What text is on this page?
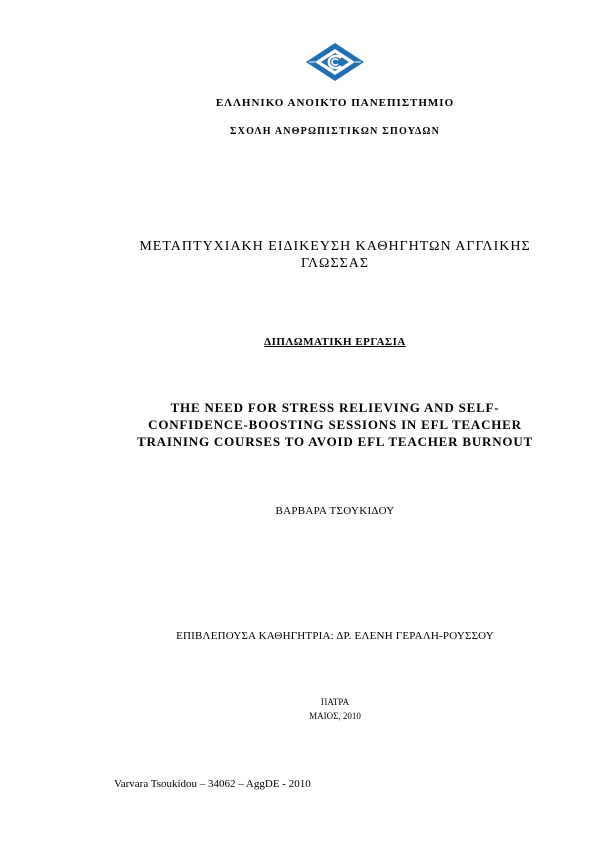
ΕΛΛΗΝΙΚΟ ΑΝΟΙΚΤΟ ΠΑΝΕΠΙΣΤΗΜΙΟ
ΣΧΟΛΗ ΑΝΘΡΩΠΙΣΤΙΚΩΝ ΣΠΟΥΔΩΝ
ΜΕΤΑΠΤΥΧΙΑΚΗ ΕΙΔΙΚΕΥΣΗ ΚΑΘΗΓΗΤΩΝ ΑΓΓΛΙΚΗΣ
ΓΛΩΣΣΑΣ
ΔΙΠΛΩΜΑΤΙΚΗ ΕΡΓΑΣΙΑ
THE NEED FOR STRESS RELIEVING AND SELF-
CONFIDENCE-BOOSTING SESSIONS IN EFL TEACHER
TRAINING COURSES TO AVOID EFL TEACHER BURNOUT
ΒΑΡΒΑΡΑ ΤΣΟΥΚΙΔΟΥ
ΕΠΙΒΛΕΠΟΥΣΑ ΚΑΘΗΓΗΤΡΙΑ: ΔΡ. ΕΛΕΝΗ ΓΕΡΑΛΗ-ΡΟΥΣΣΟΥ
ΠΑΤΡΑ
ΜΑΙΟΣ, 2010
Varvara Tsoukidou – 34062 – AggDE - 2010
